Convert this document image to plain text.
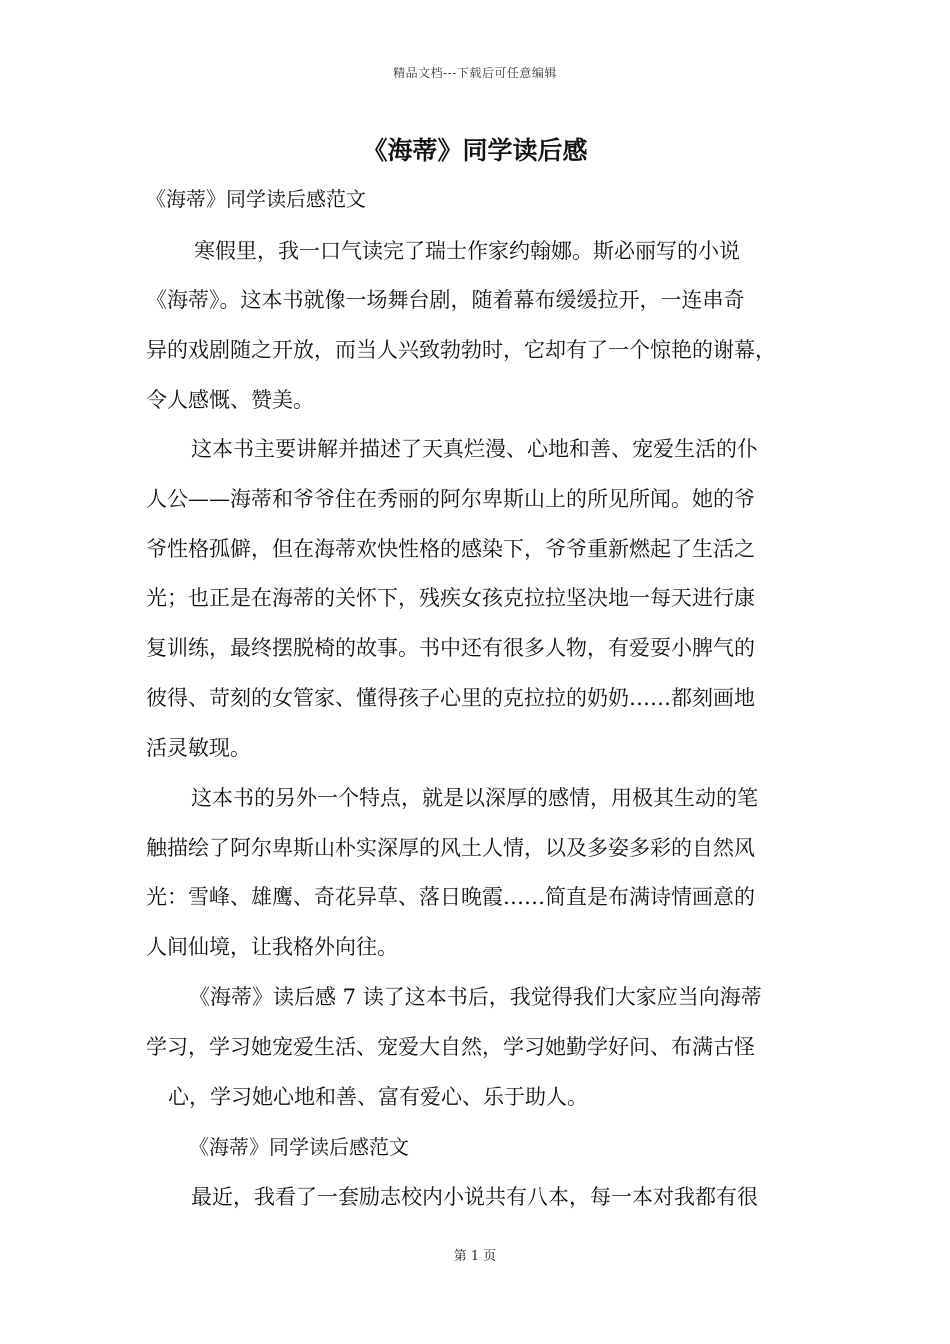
精品文档---下载后可任意编辑
《海蒂》同学读后感
《海蒂》同学读后感范文
寒假里，我一口气读完了瑞士作家约翰娜。斯必丽写的小说
《海蒂》。这本书就像一场舞台剧，随着幕布缓缓拉开，一连串奇
异的戏剧随之开放，而当人兴致勃勃时，它却有了一个惊艳的谢幕，
令人感慨、赞美。
这本书主要讲解并描述了天真烂漫、心地和善、宠爱生活的仆
人公——海蒂和爷爷住在秀丽的阿尔卑斯山上的所见所闻。她的爷
爷性格孤僻，但在海蒂欢快性格的感染下，爷爷重新燃起了生活之
光；也正是在海蒂的关怀下，残疾女孩克拉拉坚决地一每天进行康
复训练，最终摆脱椅的故事。书中还有很多人物，有爱耍小脾气的
彼得、苛刻的女管家、懂得孩子心里的克拉拉的奶奶……都刻画地
活灵敏现。
这本书的另外一个特点，就是以深厚的感情，用极其生动的笔
触描绘了阿尔卑斯山朴实深厚的风土人情，以及多姿多彩的自然风
光：雪峰、雄鹰、奇花异草、落日晚霞……简直是布满诗情画意的
人间仙境，让我格外向往。
《海蒂》读后感 7 读了这本书后，我觉得我们大家应当向海蒂
学习，学习她宠爱生活、宠爱大自然，学习她勤学好问、布满古怪
心，学习她心地和善、富有爱心、乐于助人。
《海蒂》同学读后感范文
最近，我看了一套励志校内小说共有八本，每一本对我都有很
第 1 页
